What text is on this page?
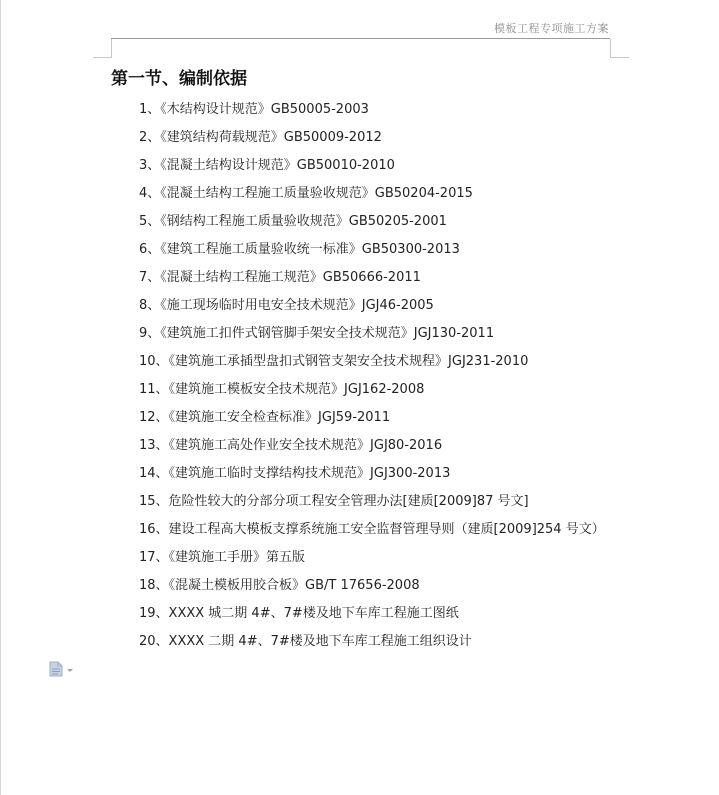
模板工程专项施工方案
第一节、编制依据
1、《木结构设计规范》GB50005-2003
2、《建筑结构荷载规范》GB50009-2012
3、《混凝土结构设计规范》GB50010-2010
4、《混凝土结构工程施工质量验收规范》GB50204-2015
5、《钢结构工程施工质量验收规范》GB50205-2001
6、《建筑工程施工质量验收统一标准》GB50300-2013
7、《混凝土结构工程施工规范》GB50666-2011
8、《施工现场临时用电安全技术规范》JGJ46-2005
9、《建筑施工扣件式钢管脚手架安全技术规范》JGJ130-2011
10、《建筑施工承插型盘扣式钢管支架安全技术规程》JGJ231-2010
11、《建筑施工模板安全技术规范》JGJ162-2008
12、《建筑施工安全检查标准》JGJ59-2011
13、《建筑施工高处作业安全技术规范》JGJ80-2016
14、《建筑施工临时支撑结构技术规范》JGJ300-2013
15、危险性较大的分部分项工程安全管理办法[建质[2009]87 号文]
16、建设工程高大模板支撑系统施工安全监督管理导则（建质[2009]254 号文）
17、《建筑施工手册》第五版
18、《混凝土模板用胶合板》GB/T 17656-2008
19、XXXX 城二期 4#、7#楼及地下车库工程施工图纸
20、XXXX 二期 4#、7#楼及地下车库工程施工组织设计
